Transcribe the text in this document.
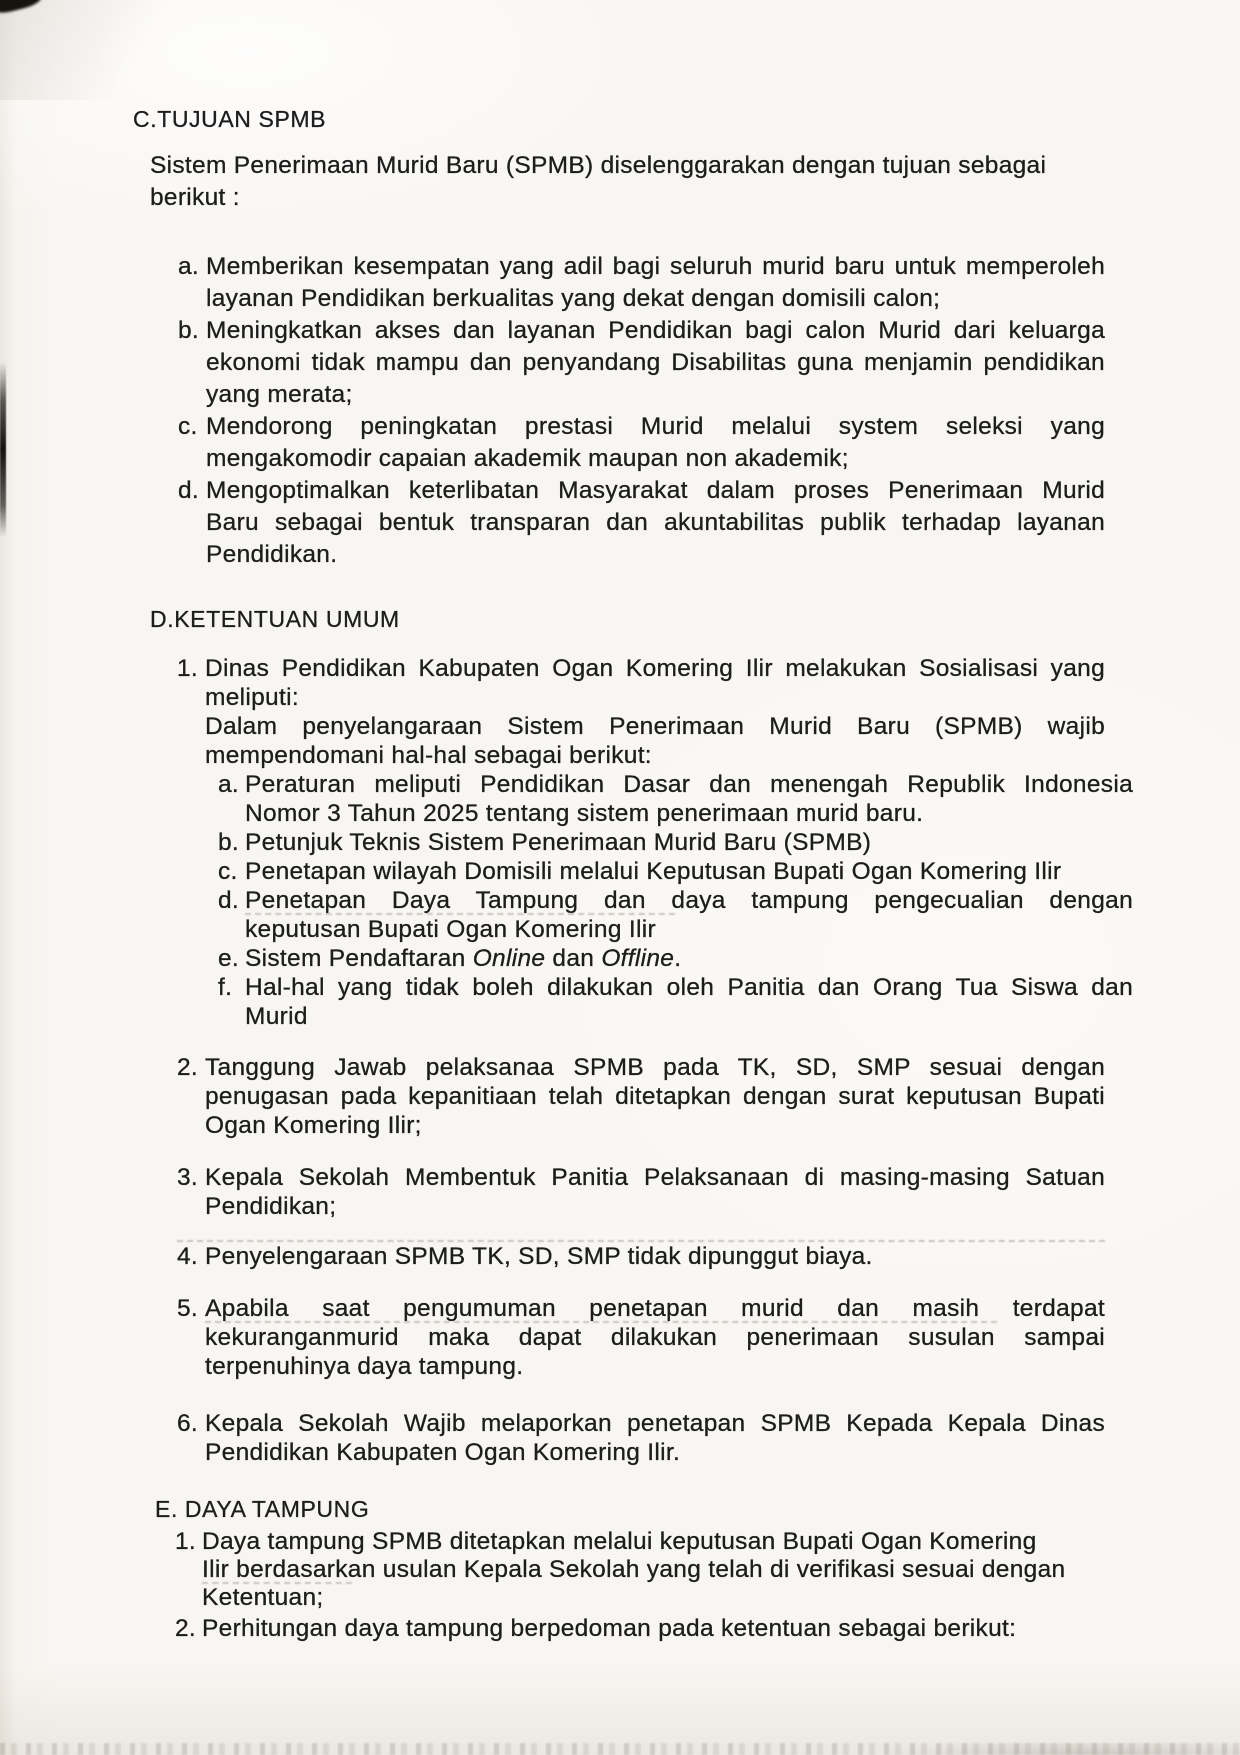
C.TUJUAN SPMB
Sistem Penerimaan Murid Baru (SPMB) diselenggarakan dengan tujuan sebagai
berikut :
a. Memberikan kesempatan yang adil bagi seluruh murid baru untuk memperoleh
layanan Pendidikan berkualitas yang dekat dengan domisili calon;
b. Meningkatkan akses dan layanan Pendidikan bagi calon Murid dari keluarga
ekonomi tidak mampu dan penyandang Disabilitas guna menjamin pendidikan
yang merata;
c. Mendorong peningkatan prestasi Murid melalui system seleksi yang
mengakomodir capaian akademik maupan non akademik;
d. Mengoptimalkan keterlibatan Masyarakat dalam proses Penerimaan Murid
Baru sebagai bentuk transparan dan akuntabilitas publik terhadap layanan
Pendidikan.
D.KETENTUAN UMUM
1. Dinas Pendidikan Kabupaten Ogan Komering Ilir melakukan Sosialisasi yang
meliputi:
Dalam penyelangaraan Sistem Penerimaan Murid Baru (SPMB) wajib
mempendomani hal-hal sebagai berikut:
a. Peraturan meliputi Pendidikan Dasar dan menengah Republik Indonesia
Nomor 3 Tahun 2025 tentang sistem penerimaan murid baru.
b. Petunjuk Teknis Sistem Penerimaan Murid Baru (SPMB)
c. Penetapan wilayah Domisili melalui Keputusan Bupati Ogan Komering Ilir
d. Penetapan Daya Tampung dan daya tampung pengecualian dengan
keputusan Bupati Ogan Komering Ilir
e. Sistem Pendaftaran Online dan Offline.
f. Hal-hal yang tidak boleh dilakukan oleh Panitia dan Orang Tua Siswa dan
Murid
2. Tanggung Jawab pelaksanaa SPMB pada TK, SD, SMP sesuai dengan
penugasan pada kepanitiaan telah ditetapkan dengan surat keputusan Bupati
Ogan Komering Ilir;
3. Kepala Sekolah Membentuk Panitia Pelaksanaan di masing-masing Satuan
Pendidikan;
4. Penyelengaraan SPMB TK, SD, SMP tidak dipunggut biaya.
5. Apabila saat pengumuman penetapan murid dan masih terdapat
kekuranganmurid maka dapat dilakukan penerimaan susulan sampai
terpenuhinya daya tampung.
6. Kepala Sekolah Wajib melaporkan penetapan SPMB Kepada Kepala Dinas
Pendidikan Kabupaten Ogan Komering Ilir.
E. DAYA TAMPUNG
1. Daya tampung SPMB ditetapkan melalui keputusan Bupati Ogan Komering
Ilir berdasarkan usulan Kepala Sekolah yang telah di verifikasi sesuai dengan
Ketentuan;
2. Perhitungan daya tampung berpedoman pada ketentuan sebagai berikut:
